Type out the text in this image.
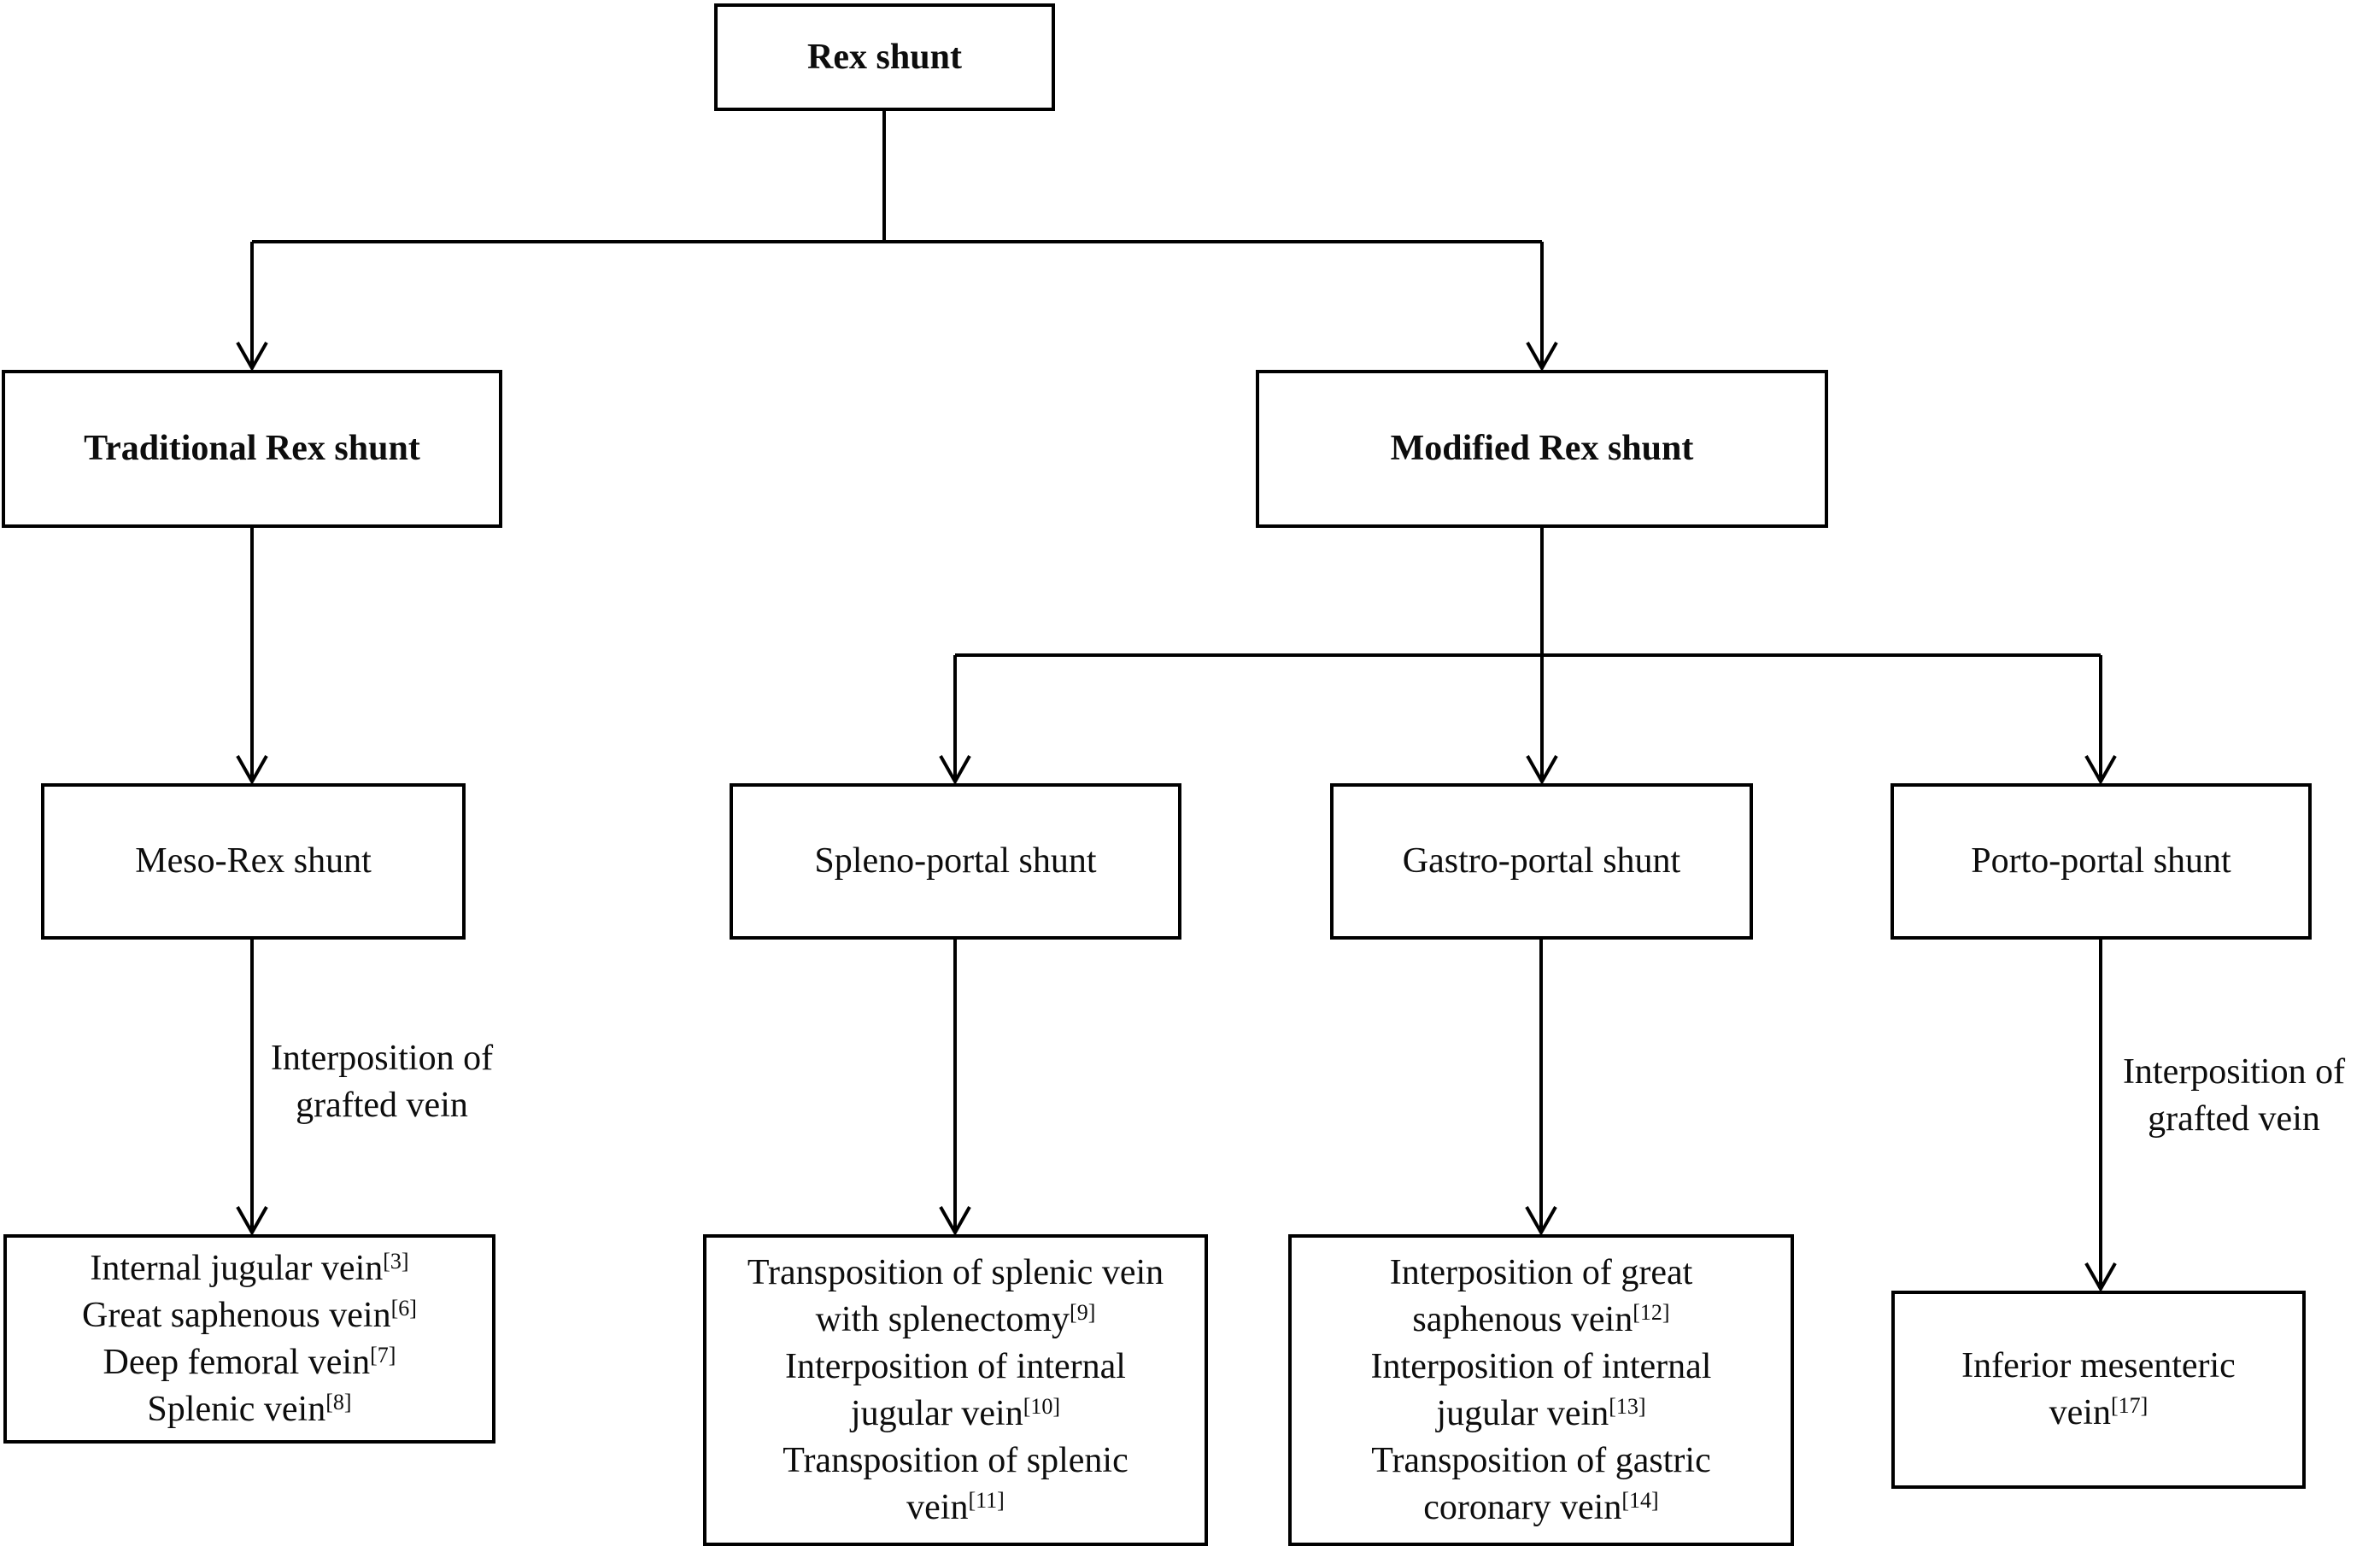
Rex shunt
Traditional Rex shunt	Modified Rex shunt
Meso-Rex shunt	Spleno-portal shunt	Gastro-portal shunt	Porto-portal shunt
Interposition of
grafted vein
Interposition of
grafted vein
Internal jugular vein[3]
Great saphenous vein[6]
Deep femoral vein[7]
Splenic vein[8]
Transposition of splenic vein
with splenectomy[9]
Interposition of internal
jugular vein[10]
Transposition of splenic
vein[11]
Interposition of great
saphenous vein[12]
Interposition of internal
jugular vein[13]
Transposition of gastric
coronary vein[14]
Inferior mesenteric
vein[17]
